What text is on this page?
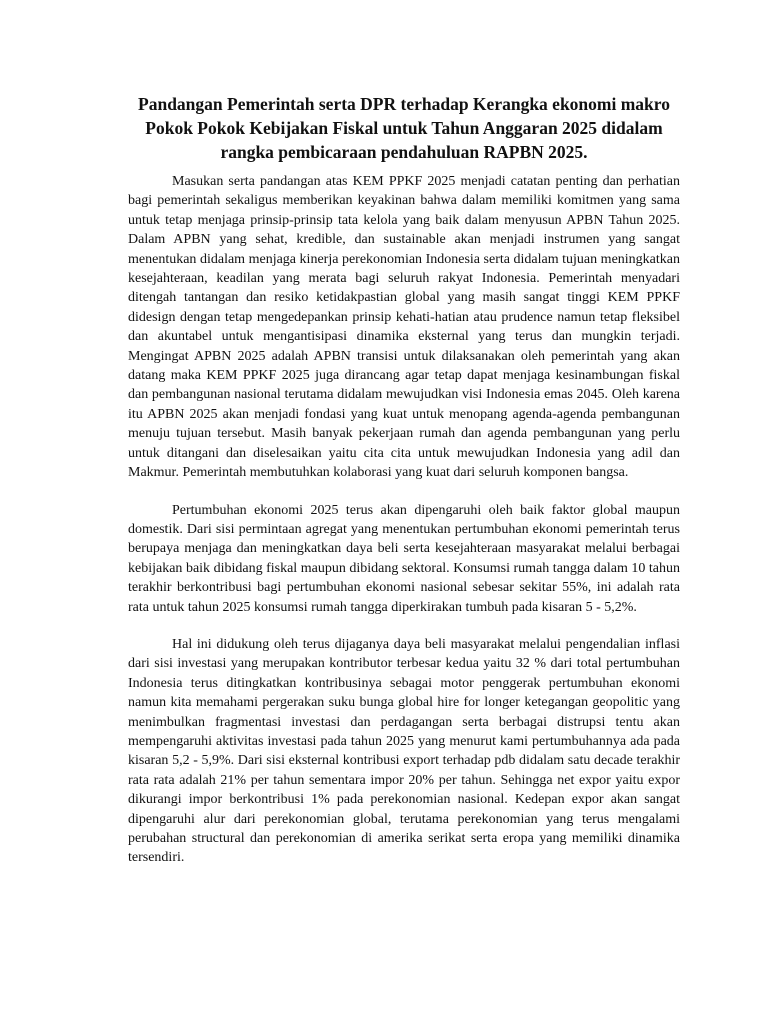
Pandangan Pemerintah serta DPR terhadap Kerangka ekonomi makro
Pokok Pokok Kebijakan Fiskal untuk Tahun Anggaran 2025 didalam
rangka pembicaraan pendahuluan RAPBN 2025.

Masukan serta pandangan atas KEM PPKF 2025 menjadi catatan penting dan perhatian bagi pemerintah sekaligus memberikan keyakinan bahwa dalam memiliki komitmen yang sama untuk tetap menjaga prinsip-prinsip tata kelola yang baik dalam menyusun APBN Tahun 2025. Dalam APBN yang sehat, kredible, dan sustainable akan menjadi instrumen yang sangat menentukan didalam menjaga kinerja perekonomian Indonesia serta didalam tujuan meningkatkan kesejahteraan, keadilan yang merata bagi seluruh rakyat Indonesia. Pemerintah menyadari ditengah tantangan dan resiko ketidakpastian global yang masih sangat tinggi KEM PPKF didesign dengan tetap mengedepankan prinsip kehati-hatian atau prudence namun tetap fleksibel dan akuntabel untuk mengantisipasi dinamika eksternal yang terus dan mungkin terjadi. Mengingat APBN 2025 adalah APBN transisi untuk dilaksanakan oleh pemerintah yang akan datang maka KEM PPKF 2025 juga dirancang agar tetap dapat menjaga kesinambungan fiskal dan pembangunan nasional terutama didalam mewujudkan visi Indonesia emas 2045. Oleh karena itu APBN 2025 akan menjadi fondasi yang kuat untuk menopang agenda-agenda pembangunan menuju tujuan tersebut. Masih banyak pekerjaan rumah dan agenda pembangunan yang perlu untuk ditangani dan diselesaikan yaitu cita cita untuk mewujudkan Indonesia yang adil dan Makmur. Pemerintah membutuhkan kolaborasi yang kuat dari seluruh komponen bangsa.

Pertumbuhan ekonomi 2025 terus akan dipengaruhi oleh baik faktor global maupun domestik. Dari sisi permintaan agregat yang menentukan pertumbuhan ekonomi pemerintah terus berupaya menjaga dan meningkatkan daya beli serta kesejahteraan masyarakat melalui berbagai kebijakan baik dibidang fiskal maupun dibidang sektoral. Konsumsi rumah tangga dalam 10 tahun terakhir berkontribusi bagi pertumbuhan ekonomi nasional sebesar sekitar 55%, ini adalah rata rata untuk tahun 2025 konsumsi rumah tangga diperkirakan tumbuh pada kisaran 5 - 5,2%.

Hal ini didukung oleh terus dijaganya daya beli masyarakat melalui pengendalian inflasi dari sisi investasi yang merupakan kontributor terbesar kedua yaitu 32 % dari total pertumbuhan Indonesia terus ditingkatkan kontribusinya sebagai motor penggerak pertumbuhan ekonomi namun kita memahami pergerakan suku bunga global hire for longer ketegangan geopolitic yang menimbulkan fragmentasi investasi dan perdagangan serta berbagai distrupsi tentu akan mempengaruhi aktivitas investasi pada tahun 2025 yang menurut kami pertumbuhannya ada pada kisaran 5,2 - 5,9%. Dari sisi eksternal kontribusi export terhadap pdb didalam satu decade terakhir rata rata adalah 21% per tahun sementara impor 20% per tahun. Sehingga net expor yaitu expor dikurangi impor berkontribusi 1% pada perekonomian nasional. Kedepan expor akan sangat dipengaruhi alur dari perekonomian global, terutama perekonomian yang terus mengalami perubahan structural dan perekonomian di amerika serikat serta eropa yang memiliki dinamika tersendiri.
